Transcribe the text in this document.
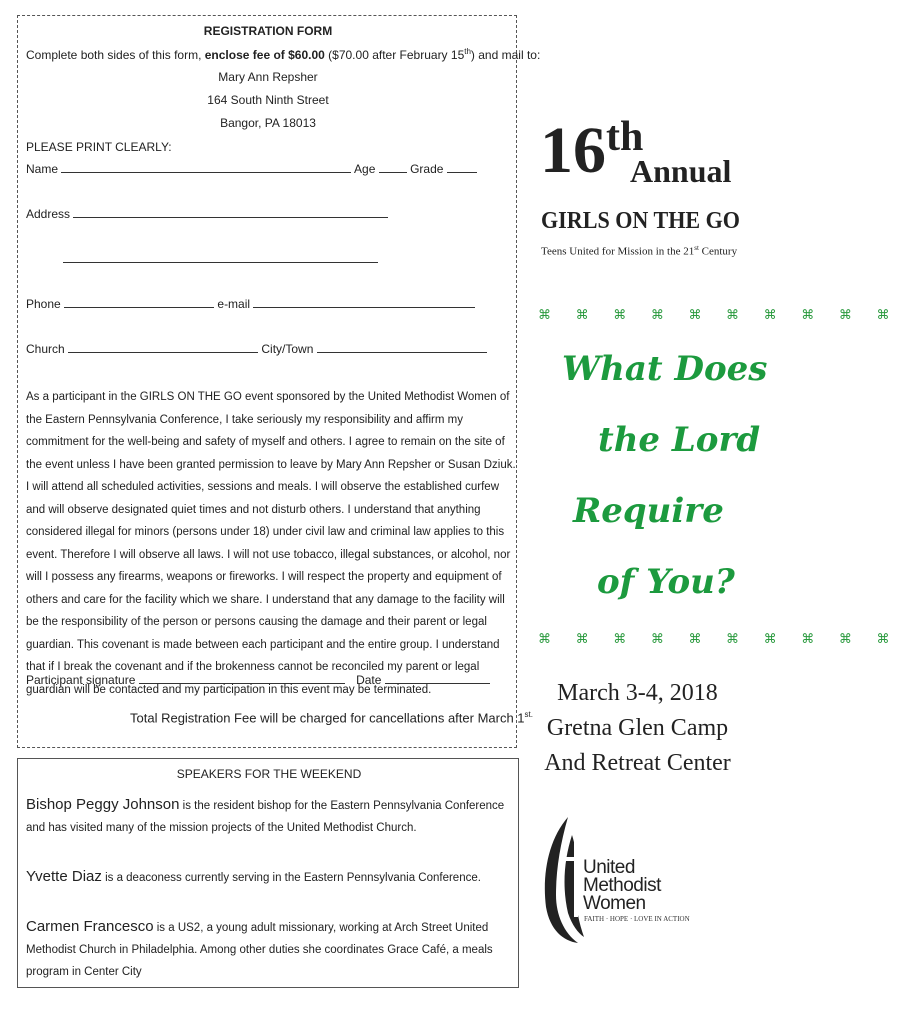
REGISTRATION FORM
Complete both sides of this form, enclose fee of $60.00 ($70.00 after February 15th) and mail to:
Mary Ann Repsher
164 South Ninth Street
Bangor, PA 18013
PLEASE PRINT CLEARLY:
Name	Age	Grade
Address
Phone	e-mail
Church	City/Town
As a participant in the GIRLS ON THE GO event sponsored by the United Methodist Women of the Eastern Pennsylvania Conference, I take seriously my responsibility and affirm my commitment for the well-being and safety of myself and others. I agree to remain on the site of the event unless I have been granted permission to leave by Mary Ann Repsher or Susan Dziuk. I will attend all scheduled activities, sessions and meals. I will observe the established curfew and will observe designated quiet times and not disturb others. I understand that anything considered illegal for minors (persons under 18) under civil law and criminal law applies to this event. Therefore I will observe all laws. I will not use tobacco, illegal substances, or alcohol, nor will I possess any firearms, weapons or fireworks. I will respect the property and equipment of others and care for the facility which we share. I understand that any damage to the facility will be the responsibility of the person or persons causing the damage and their parent or legal guardian. This covenant is made between each participant and the entire group. I understand that if I break the covenant and if the brokenness cannot be reconciled my parent or legal guardian will be contacted and my participation in this event may be terminated.
Participant signature	Date
Total Registration Fee will be charged for cancellations after March $1^{st.}$
SPEAKERS FOR THE WEEKEND
Bishop Peggy Johnson is the resident bishop for the Eastern Pennsylvania Conference and has visited many of the mission projects of the United Methodist Church.
Yvette Diaz is a deaconess currently serving in the Eastern Pennsylvania Conference.
Carmen Francesco is a US2, a young adult missionary, working at Arch Street United Methodist Church in Philadelphia. Among other duties she coordinates Grace Café, a meals program in Center City
16th
Annual
GIRLS ON THE GO
Teens United for Mission in the 21st Century
⌘ ⌘ ⌘ ⌘ ⌘ ⌘ ⌘ ⌘ ⌘ ⌘
What Does
the Lord
Require
of You?
⌘ ⌘ ⌘ ⌘ ⌘ ⌘ ⌘ ⌘ ⌘ ⌘
March 3-4, 2018
Gretna Glen Camp
And Retreat Center
United
Methodist
Women
FAITH · HOPE · LOVE IN ACTION
